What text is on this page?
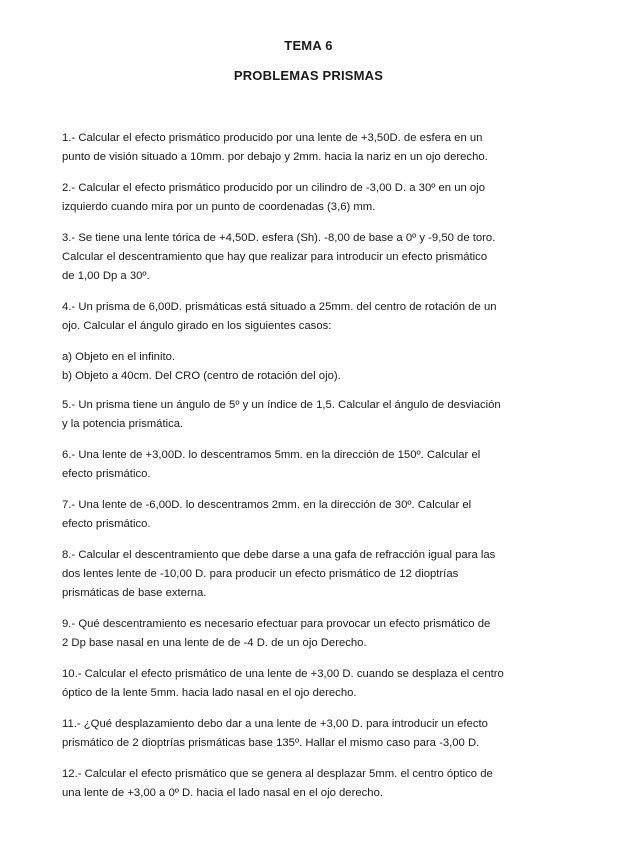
TEMA 6
PROBLEMAS PRISMAS
1.- Calcular el efecto prismático producido por una lente de +3,50D. de esfera en un
punto de visión situado a 10mm. por debajo y 2mm. hacia la nariz en un ojo derecho.
2.- Calcular el efecto prismático producido por un cilindro de -3,00 D. a 30º en un ojo
izquierdo cuando mira por un punto de coordenadas (3,6) mm.
3.- Se tiene una lente tórica de +4,50D. esfera (Sh). -8,00 de base a 0º y -9,50 de toro.
Calcular el descentramiento que hay que realizar para introducir un efecto prismático
de 1,00 Dp a 30º.
4.- Un prisma de 6,00D. prismáticas está situado a 25mm. del centro de rotación de un
ojo. Calcular el ángulo girado en los siguientes casos:
a) Objeto en el infinito.
b) Objeto a 40cm. Del CRO (centro de rotación del ojo).
5.- Un prisma tiene un ángulo de 5º y un índice de 1,5. Calcular el ángulo de desviación
y la potencia prismática.
6.- Una lente de +3,00D. lo descentramos 5mm. en la dirección de 150º. Calcular el
efecto prismático.
7.- Una lente de -6,00D. lo descentramos 2mm. en la dirección de 30º. Calcular el
efecto prismático.
8.- Calcular el descentramiento que debe darse a una gafa de refracción igual para las
dos lentes lente de -10,00 D. para producir un efecto prismático de 12 dioptrías
prismáticas de base externa.
9.- Qué descentramiento es necesario efectuar para provocar un efecto prismático de
2 Dp base nasal en una lente de de -4 D. de un ojo Derecho.
10.- Calcular el efecto prismático de una lente de +3,00 D. cuando se desplaza el centro
óptico de la lente 5mm. hacia lado nasal en el ojo derecho.
11.- ¿Qué desplazamiento debo dar a una lente de +3,00 D. para introducir un efecto
prismático de 2 dioptrías prismáticas base 135º. Hallar el mismo caso para -3,00 D.
12.- Calcular el efecto prismático que se genera al desplazar 5mm. el centro óptico de
una lente de +3,00 a 0º D. hacia el lado nasal en el ojo derecho.
